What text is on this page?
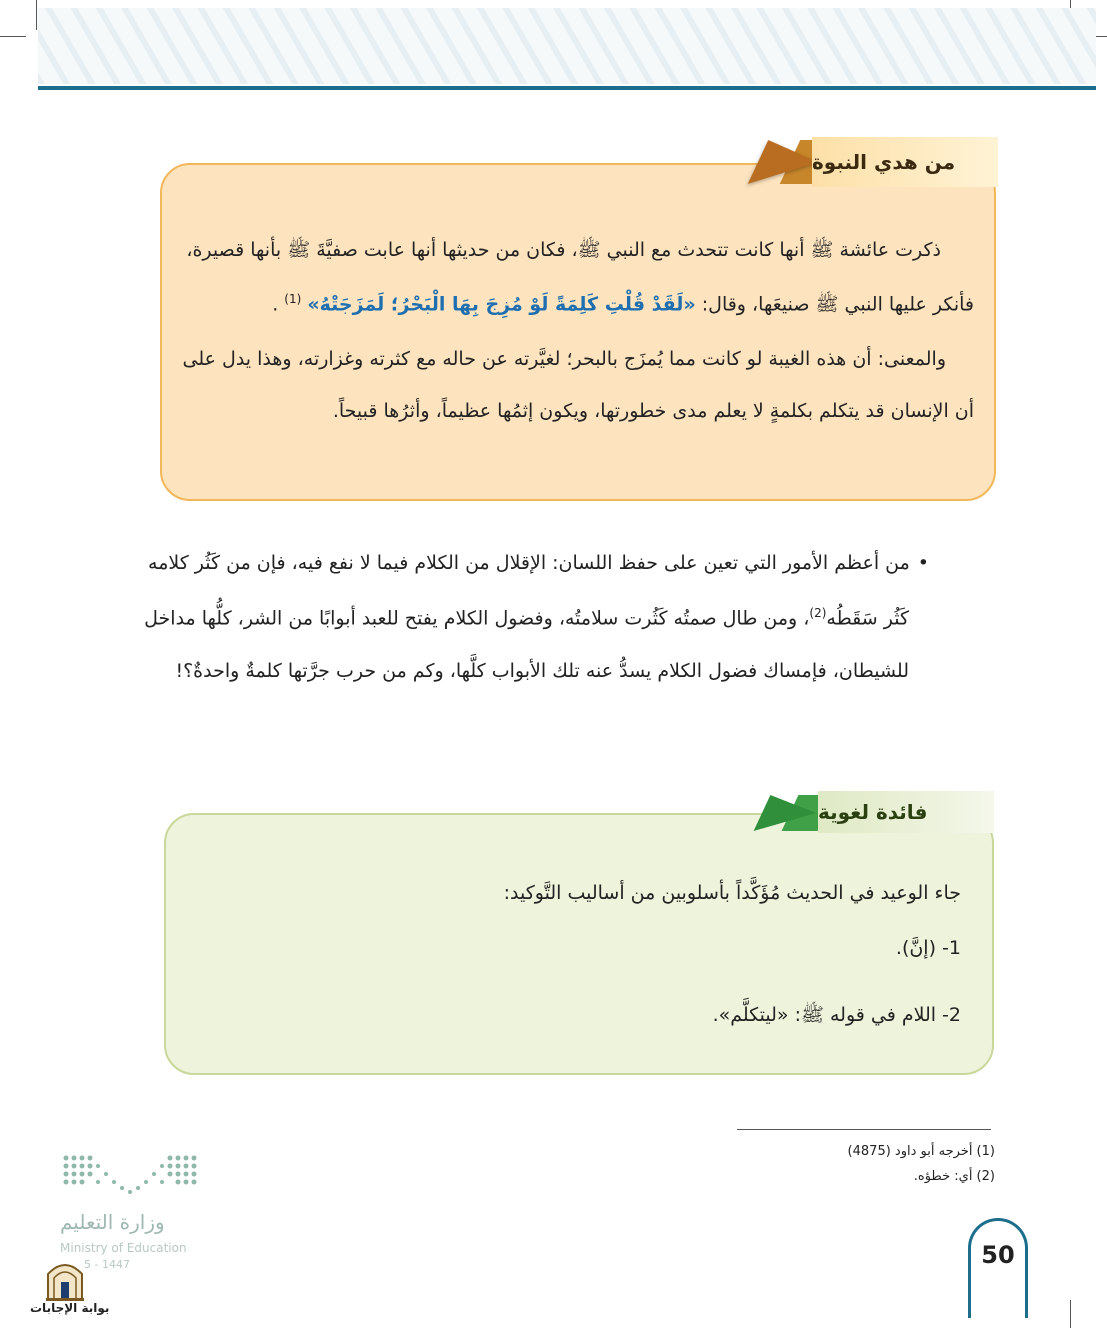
من هدي النبوة
ذكرت عائشة ﷺ أنها كانت تتحدث مع النبي ﷺ، فكان من حديثها أنها عابت صفيَّةَ ﷺ بأنها قصيرة،
فأنكر عليها النبي ﷺ صنيعَها، وقال: «لَقَدْ قُلْتِ كَلِمَةً لَوْ مُزِجَ بِهَا الْبَحْرُ؛ لَمَزَجَتْهُ» $^{(1)}$ .
والمعنى: أن هذه الغيبة لو كانت مما يُمزَج بالبحر؛ لغيَّرته عن حاله مع كثرته وغزارته، وهذا يدل على
أن الإنسان قد يتكلم بكلمةٍ لا يعلم مدى خطورتها، ويكون إثمُها عظيماً، وأثرُها قبيحاً.
•من أعظم الأمور التي تعين على حفظ اللسان: الإقلال من الكلام فيما لا نفع فيه، فإن من كَثُر كلامه
كَثُر سَقَطُه$^{(2)}$، ومن طال صمتُه كَثُرت سلامتُه، وفضول الكلام يفتح للعبد أبوابًا من الشر، كلُّها مداخل
للشيطان، فإمساك فضول الكلام يسدُّ عنه تلك الأبواب كلَّها، وكم من حرب جرَّتها كلمةٌ واحدةٌ؟!
فائدة لغوية
جاء الوعيد في الحديث مُؤَكَّداً بأسلوبين من أساليب التَّوكيد:
1- (إنَّ).
2- اللام في قوله ﷺ: «ليتكلَّم».
(1) أخرجه أبو داود (4875)
(2) أي: خطؤه.
50
وزارة التعليم
Ministry of Education
5 - 1447
بوابة الإجابات
